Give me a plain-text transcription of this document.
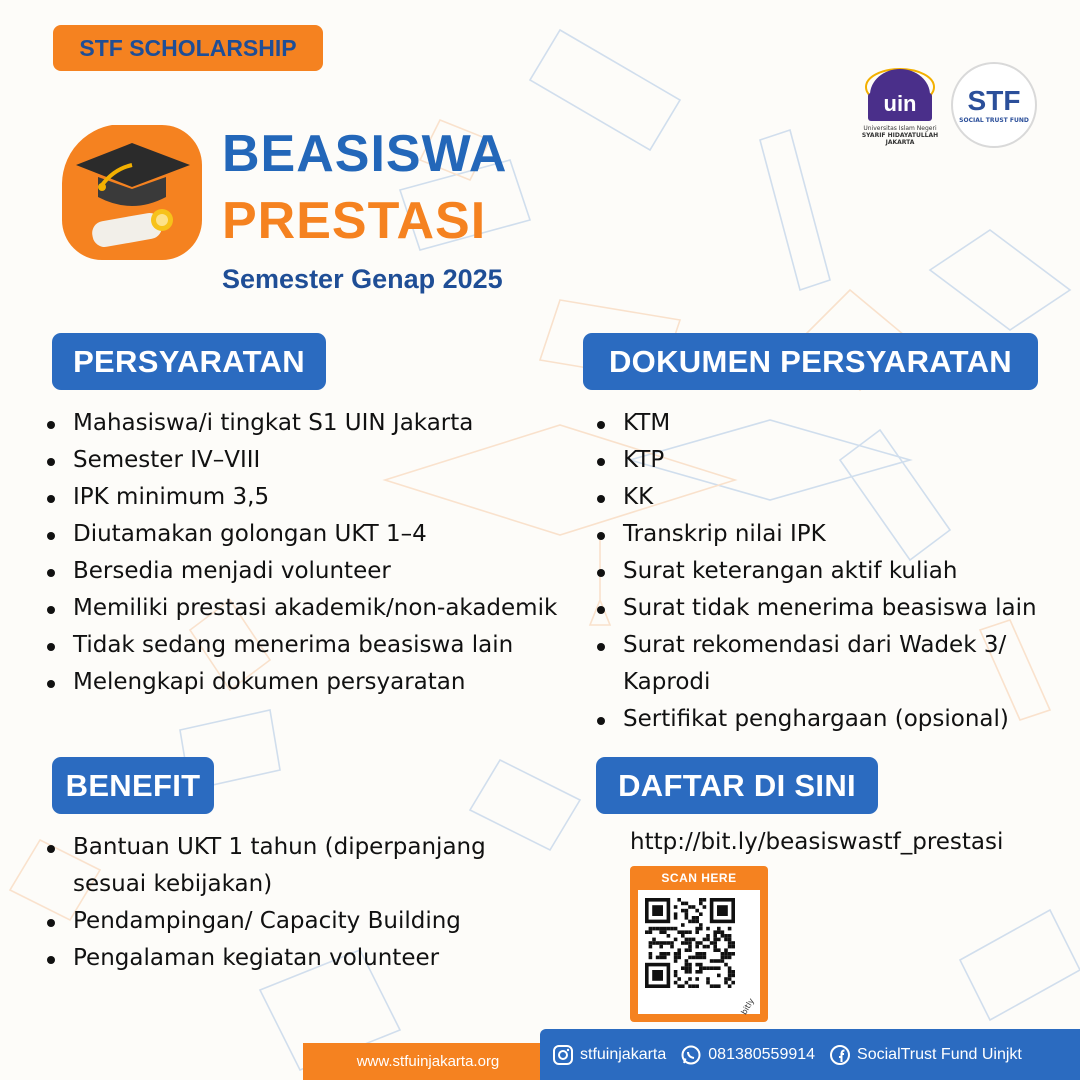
STF SCHOLARSHIP
uin
Universitas Islam Negeri
SYARIF HIDAYATULLAH JAKARTA
STF
SOCIAL TRUST FUND
BEASISWA
PRESTASI
Semester Genap 2025
PERSYARATAN
Mahasiswa/i tingkat S1 UIN Jakarta
Semester IV–VIII
IPK minimum 3,5
Diutamakan golongan UKT 1–4
Bersedia menjadi volunteer
Memiliki prestasi akademik/non-akademik
Tidak sedang menerima beasiswa lain
Melengkapi dokumen persyaratan
DOKUMEN PERSYARATAN
KTM
KTP
KK
Transkrip nilai IPK
Surat keterangan aktif kuliah
Surat tidak menerima beasiswa lain
Surat rekomendasi dari Wadek 3/ Kaprodi
Sertifikat penghargaan (opsional)
BENEFIT
Bantuan UKT 1 tahun (diperpanjang sesuai kebijakan)
Pendampingan/ Capacity Building
Pengalaman kegiatan volunteer
DAFTAR DI SINI
http://bit.ly/beasiswastf_prestasi
SCAN HERE
bitly
www.stfuinjakarta.org	stfuinjakarta	081380559914	SocialTrust Fund Uinjkt
